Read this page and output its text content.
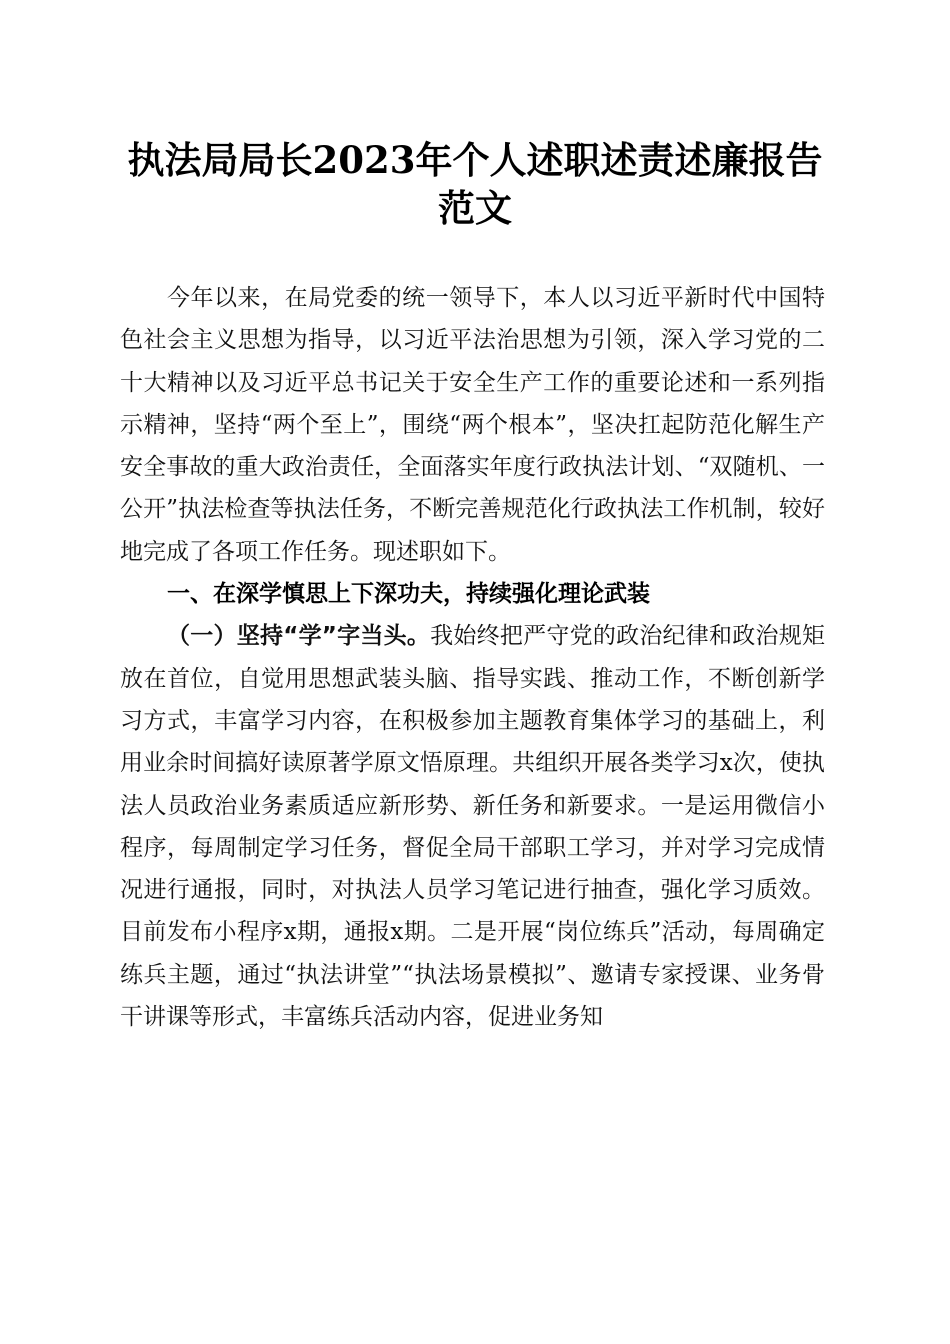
执法局局长2023年个人述职述责述廉报告范文

今年以来，在局党委的统一领导下，本人以习近平新时代中国特色社会主义思想为指导，以习近平法治思想为引领，深入学习党的二十大精神以及习近平总书记关于安全生产工作的重要论述和一系列指示精神，坚持“两个至上”，围绕“两个根本”，坚决扛起防范化解生产安全事故的重大政治责任，全面落实年度行政执法计划、“双随机、一公开”执法检查等执法任务，不断完善规范化行政执法工作机制，较好地完成了各项工作任务。现述职如下。

一、在深学慎思上下深功夫，持续强化理论武装

（一）坚持“学”字当头。我始终把严守党的政治纪律和政治规矩放在首位，自觉用思想武装头脑、指导实践、推动工作，不断创新学习方式，丰富学习内容，在积极参加主题教育集体学习的基础上，利用业余时间搞好读原著学原文悟原理。共组织开展各类学习x次，使执法人员政治业务素质适应新形势、新任务和新要求。一是运用微信小程序，每周制定学习任务，督促全局干部职工学习，并对学习完成情况进行通报，同时，对执法人员学习笔记进行抽查，强化学习质效。目前发布小程序x期，通报x期。二是开展“岗位练兵”活动，每周确定练兵主题，通过“执法讲堂”“执法场景模拟”、邀请专家授课、业务骨干讲课等形式，丰富练兵活动内容，促进业务知
